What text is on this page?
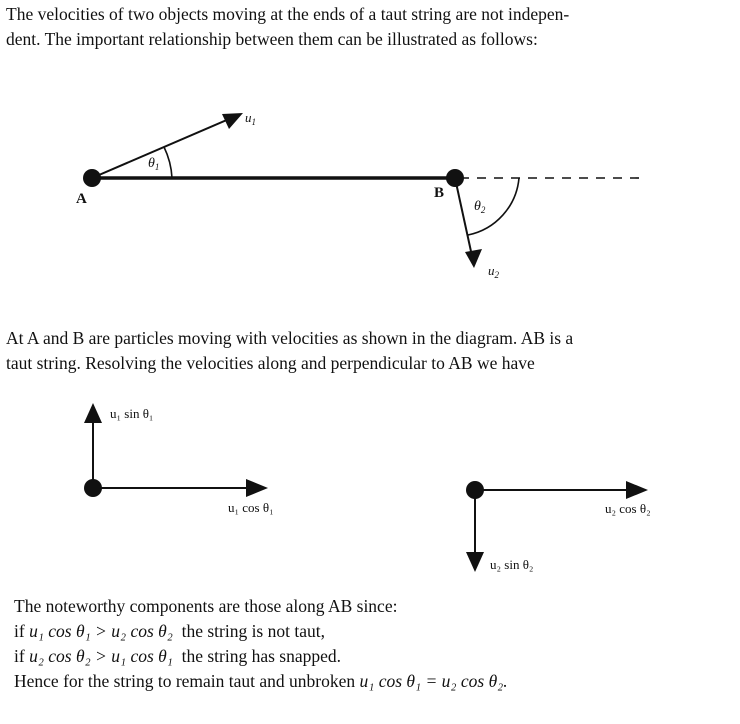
The velocities of two objects moving at the ends of a taut string are not indepen-
dent. The important relationship between them can be illustrated as follows:

A	B
$u_1$
$\theta_1$
$\theta_2$
$u_2$
u₁ sin θ₁
u₁ cos θ₁	u₂ cos θ₂
u₂ sin θ₂

At A and B are particles moving with velocities as shown in the diagram. AB is a
taut string. Resolving the velocities along and perpendicular to AB we have

The noteworthy components are those along AB since:
if u₁ cos θ₁ > u₂ cos θ₂ the string is not taut,
if u₂ cos θ₂ > u₁ cos θ₁ the string has snapped.
Hence for the string to remain taut and unbroken u₁ cos θ₁ = u₂ cos θ₂.
